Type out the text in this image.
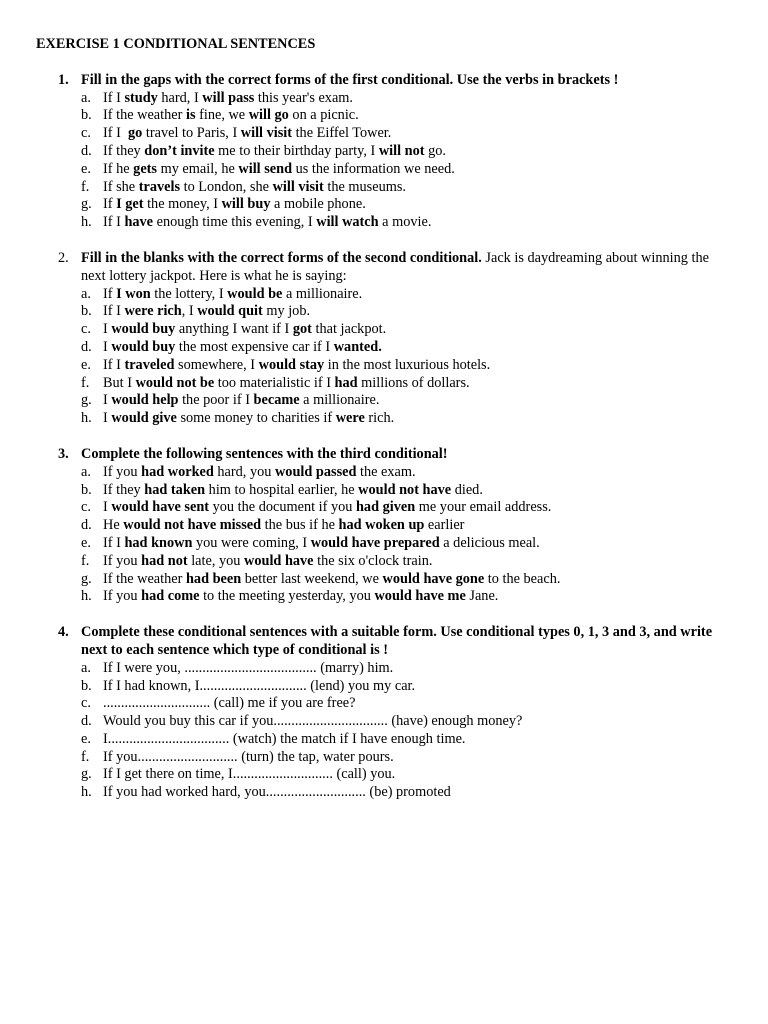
EXERCISE 1 CONDITIONAL SENTENCES
1. Fill in the gaps with the correct forms of the first conditional. Use the verbs in brackets !
a. If I study hard, I will pass this year's exam.
b. If the weather is fine, we will go on a picnic.
c. If I  go travel to Paris, I will visit the Eiffel Tower.
d. If they don’t invite me to their birthday party, I will not go.
e. If he gets my email, he will send us the information we need.
f. If she travels to London, she will visit the museums.
g. If I get the money, I will buy a mobile phone.
h. If I have enough time this evening, I will watch a movie.
2. Fill in the blanks with the correct forms of the second conditional. Jack is daydreaming about winning the next lottery jackpot. Here is what he is saying:
a. If I won the lottery, I would be a millionaire.
b. If I were rich, I would quit my job.
c. I would buy anything I want if I got that jackpot.
d. I would buy the most expensive car if I wanted.
e. If I traveled somewhere, I would stay in the most luxurious hotels.
f. But I would not be too materialistic if I had millions of dollars.
g. I would help the poor if I became a millionaire.
h. I would give some money to charities if were rich.
3. Complete the following sentences with the third conditional!
a. If you had worked hard, you would passed the exam.
b. If they had taken him to hospital earlier, he would not have died.
c. I would have sent you the document if you had given me your email address.
d. He would not have missed the bus if he had woken up earlier
e. If I had known you were coming, I would have prepared a delicious meal.
f. If you had not late, you would have the six o'clock train.
g. If the weather had been better last weekend, we would have gone to the beach.
h. If you had come to the meeting yesterday, you would have me Jane.
4. Complete these conditional sentences with a suitable form. Use conditional types 0, 1, 3 and 3, and write next to each sentence which type of conditional is !
a. If I were you, ..................................... (marry) him.
b. If I had known, I.............................. (lend) you my car.
c. .............................. (call) me if you are free?
d. Would you buy this car if you................................ (have) enough money?
e. I.................................. (watch) the match if I have enough time.
f. If you............................ (turn) the tap, water pours.
g. If I get there on time, I............................ (call) you.
h. If you had worked hard, you............................ (be) promoted
